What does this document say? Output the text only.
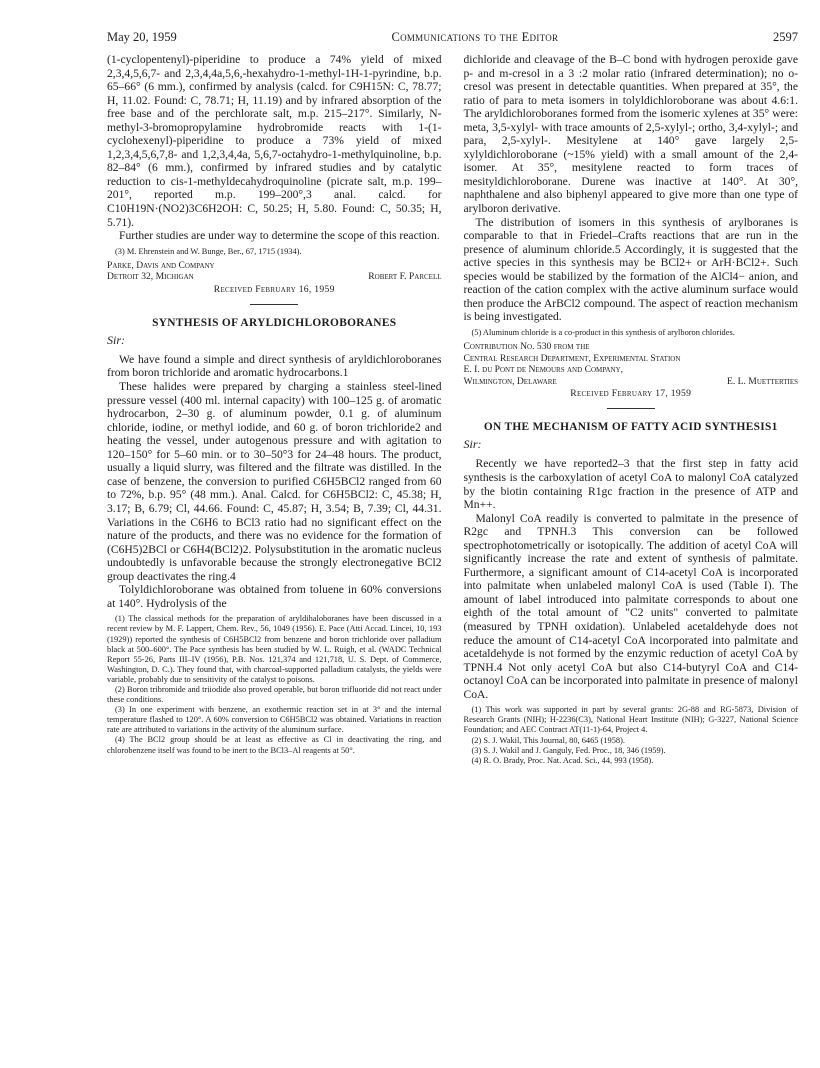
May 20, 1959	Communications to the Editor	2597

(1-cyclopentenyl)-piperidine to produce a 74% yield of mixed 2,3,4,5,6,7- and 2,3,4,4a,5,6,-hexahydro-1-methyl-1H-1-pyrindine, b.p. 65–66° (6 mm.), confirmed by analysis (calcd. for C9H15N: C, 78.77; H, 11.02. Found: C, 78.71; H, 11.19) and by infrared absorption of the free base and of the perchlorate salt, m.p. 215–217°. Similarly, N-methyl-3-bromopropylamine hydrobromide reacts with 1-(1-cyclohexenyl)-piperidine to produce a 73% yield of mixed 1,2,3,4,5,6,7,8- and 1,2,3,4,4a, 5,6,7-octahydro-1-methylquinoline, b.p. 82–84° (6 mm.), confirmed by infrared studies and by catalytic reduction to cis-1-methyldecahydroquinoline (picrate salt, m.p. 199–201°, reported m.p. 199–200°,3 anal. calcd. for C10H19N·(NO2)3C6H2OH: C, 50.25; H, 5.80. Found: C, 50.35; H, 5.71).

Further studies are under way to determine the scope of this reaction.

(3) M. Ehrenstein and W. Bunge, Ber., 67, 1715 (1934).

Parke, Davis and Company
Detroit 32, Michigan	Robert F. Parcell
Received February 16, 1959
SYNTHESIS OF ARYLDICHLOROBORANES
Sir:

We have found a simple and direct synthesis of aryldichloroboranes from boron trichloride and aromatic hydrocarbons.1

These halides were prepared by charging a stainless steel-lined pressure vessel (400 ml. internal capacity) with 100–125 g. of aromatic hydrocarbon, 2–30 g. of aluminum powder, 0.1 g. of aluminum chloride, iodine, or methyl iodide, and 60 g. of boron trichloride2 and heating the vessel, under autogenous pressure and with agitation to 120–150° for 5–60 min. or to 30–50°3 for 24–48 hours. The product, usually a liquid slurry, was filtered and the filtrate was distilled. In the case of benzene, the conversion to purified C6H5BCl2 ranged from 60 to 72%, b.p. 95° (48 mm.). Anal. Calcd. for C6H5BCl2: C, 45.38; H, 3.17; B, 6.79; Cl, 44.66. Found: C, 45.87; H, 3.54; B, 7.39; Cl, 44.31. Variations in the C6H6 to BCl3 ratio had no significant effect on the nature of the products, and there was no evidence for the formation of (C6H5)2BCl or C6H4(BCl2)2. Polysubstitution in the aromatic nucleus undoubtedly is unfavorable because the strongly electronegative BCl2 group deactivates the ring.4

Tolyldichloroborane was obtained from toluene in 60% conversions at 140°. Hydrolysis of the

(1) The classical methods for the preparation of aryldihaloboranes have been discussed in a recent review by M. F. Lappert, Chem. Rev., 56, 1049 (1956). E. Pace (Atti Accad. Lincei, 10, 193 (1929)) reported the synthesis of C6H5BCl2 from benzene and boron trichloride over palladium black at 500–600°. The Pace synthesis has been studied by W. L. Ruigh, et al. (WADC Technical Report 55-26, Parts III–IV (1956), P.B. Nos. 121,374 and 121,718, U. S. Dept. of Commerce, Washington, D. C.). They found that, with charcoal-supported palladium catalysts, the yields were variable, probably due to sensitivity of the catalyst to poisons.

(2) Boron tribromide and triiodide also proved operable, but boron trifluoride did not react under these conditions.

(3) In one experiment with benzene, an exothermic reaction set in at 3° and the internal temperature flashed to 120°. A 60% conversion to C6H5BCl2 was obtained. Variations in reaction rate are attributed to variations in the activity of the aluminum surface.

(4) The BCl2 group should be at least as effective as Cl in deactivating the ring, and chlorobenzene itself was found to be inert to the BCl3–Al reagents at 50°.

dichloride and cleavage of the B–C bond with hydrogen peroxide gave p- and m-cresol in a 3 :2 molar ratio (infrared determination); no o-cresol was present in detectable quantities. When prepared at 35°, the ratio of para to meta isomers in tolyldichloroborane was about 4.6:1. The aryldichloroboranes formed from the isomeric xylenes at 35° were: meta, 3,5-xylyl- with trace amounts of 2,5-xylyl-; ortho, 3,4-xylyl-; and para, 2,5-xylyl-. Mesitylene at 140° gave largely 2,5-xylyldichloroborane (~15% yield) with a small amount of the 2,4- isomer. At 35°, mesitylene reacted to form traces of mesityldichloroborane. Durene was inactive at 140°. At 30°, naphthalene and also biphenyl appeared to give more than one type of arylboron derivative.

The distribution of isomers in this synthesis of arylboranes is comparable to that in Friedel–Crafts reactions that are run in the presence of aluminum chloride.5 Accordingly, it is suggested that the active species in this synthesis may be BCl2+ or ArH·BCl2+. Such species would be stabilized by the formation of the AlCl4− anion, and reaction of the cation complex with the active aluminum surface would then produce the ArBCl2 compound. The aspect of reaction mechanism is being investigated.

(5) Aluminum chloride is a co-product in this synthesis of arylboron chlorides.

Contribution No. 530 from the
Central Research Department, Experimental Station
E. I. du Pont de Nemours and Company,
Wilmington, Delaware	E. L. Muetterties
Received February 17, 1959
ON THE MECHANISM OF FATTY ACID SYNTHESIS1
Sir:

Recently we have reported2–3 that the first step in fatty acid synthesis is the carboxylation of acetyl CoA to malonyl CoA catalyzed by the biotin containing R1gc fraction in the presence of ATP and Mn++.

Malonyl CoA readily is converted to palmitate in the presence of R2gc and TPNH.3 This conversion can be followed spectrophotometrically or isotopically. The addition of acetyl CoA will significantly increase the rate and extent of synthesis of palmitate. Furthermore, a significant amount of C14-acetyl CoA is incorporated into palmitate when unlabeled malonyl CoA is used (Table I). The amount of label introduced into palmitate corresponds to about one eighth of the total amount of "C2 units" converted to palmitate (measured by TPNH oxidation). Unlabeled acetaldehyde does not reduce the amount of C14-acetyl CoA incorporated into palmitate and acetaldehyde is not formed by the enzymic reduction of acetyl CoA by TPNH.4 Not only acetyl CoA but also C14-butyryl CoA and C14-octanoyl CoA can be incorporated into palmitate in presence of malonyl CoA.

(1) This work was supported in part by several grants: 2G-88 and RG-5873, Division of Research Grants (NIH); H-2236(C3), National Heart Institute (NIH); G-3227, National Science Foundation; and AEC Contract AT(11-1)-64, Project 4.

(2) S. J. Wakil, This Journal, 80, 6465 (1958).

(3) S. J. Wakil and J. Ganguly, Fed. Proc., 18, 346 (1959).

(4) R. O. Brady, Proc. Nat. Acad. Sci., 44, 993 (1958).
